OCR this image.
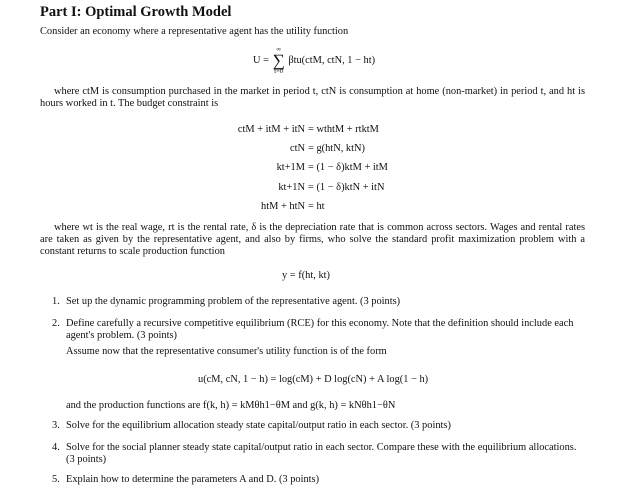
Part I: Optimal Growth Model
Consider an economy where a representative agent has the utility function
U =
∞
∑
t=0
βtu(ctM, ctN, 1 − ht)
where ctM is consumption purchased in the market in period t, ctN is consumption at home (non-market) in period t, and ht is hours worked in t. The budget constraint is
ctM + itM + itN = wthtM + rtktM
ctN = g(htN, ktN)
kt+1M = (1 − δ)ktM + itM
kt+1N = (1 − δ)ktN + itN
htM + htN = ht
where wt is the real wage, rt is the rental rate, δ is the depreciation rate that is common across sectors. Wages and rental rates are taken as given by the representative agent, and also by firms, who solve the standard profit maximization problem with a constant returns to scale production function
y = f(ht, kt)
1. Set up the dynamic programming problem of the representative agent. (3 points)
2. Define carefully a recursive competitive equilibrium (RCE) for this economy. Note that the definition should include each agent's problem. (3 points)
Assume now that the representative consumer's utility function is of the form
u(cM, cN, 1 − h) = log(cM) + D log(cN) + A log(1 − h)
and the production functions are f(k, h) = kMθh1−θM and g(k, h) = kNθh1−θN
3. Solve for the equilibrium allocation steady state capital/output ratio in each sector. (3 points)
4. Solve for the social planner steady state capital/output ratio in each sector. Compare these with the equilibrium allocations. (3 points)
5. Explain how to determine the parameters A and D. (3 points)
